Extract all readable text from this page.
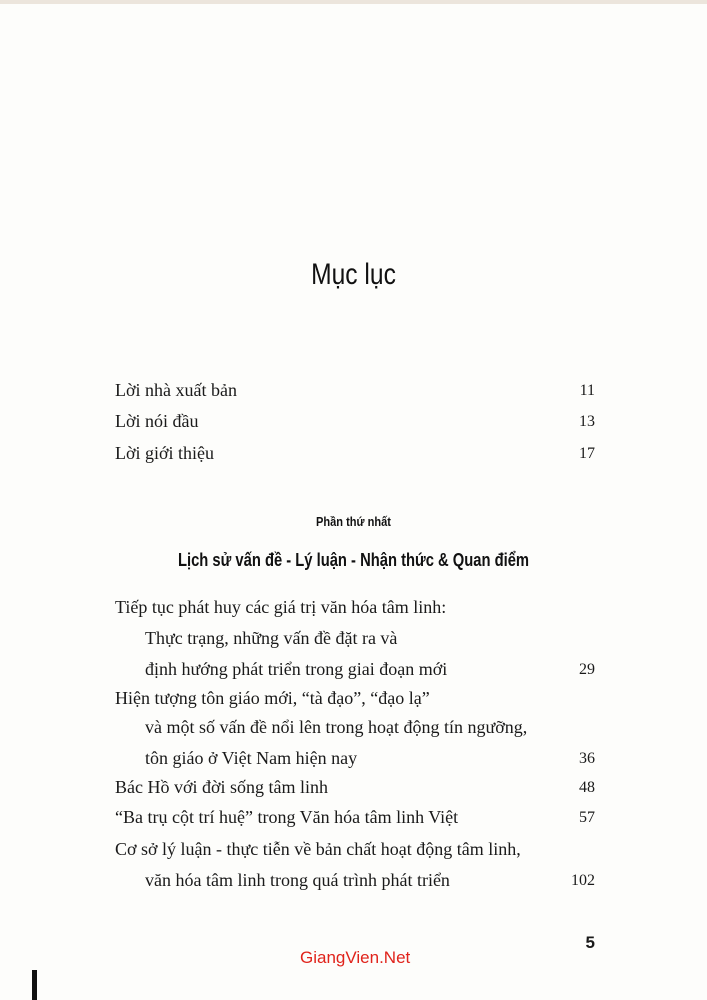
Mục lục
Lời nhà xuất bản	11
Lời nói đầu	13
Lời giới thiệu	17
Phần thứ nhất
Lịch sử vấn đề - Lý luận - Nhận thức & Quan điểm
Tiếp tục phát huy các giá trị văn hóa tâm linh:
Thực trạng, những vấn đề đặt ra và
định hướng phát triển trong giai đoạn mới	29
Hiện tượng tôn giáo mới, “tà đạo”, “đạo lạ”
và một số vấn đề nổi lên trong hoạt động tín ngưỡng,
tôn giáo ở Việt Nam hiện nay	36
Bác Hồ với đời sống tâm linh	48
“Ba trụ cột trí huệ” trong Văn hóa tâm linh Việt	57
Cơ sở lý luận - thực tiễn về bản chất hoạt động tâm linh,
văn hóa tâm linh trong quá trình phát triển	102
5
GiangVien.Net
